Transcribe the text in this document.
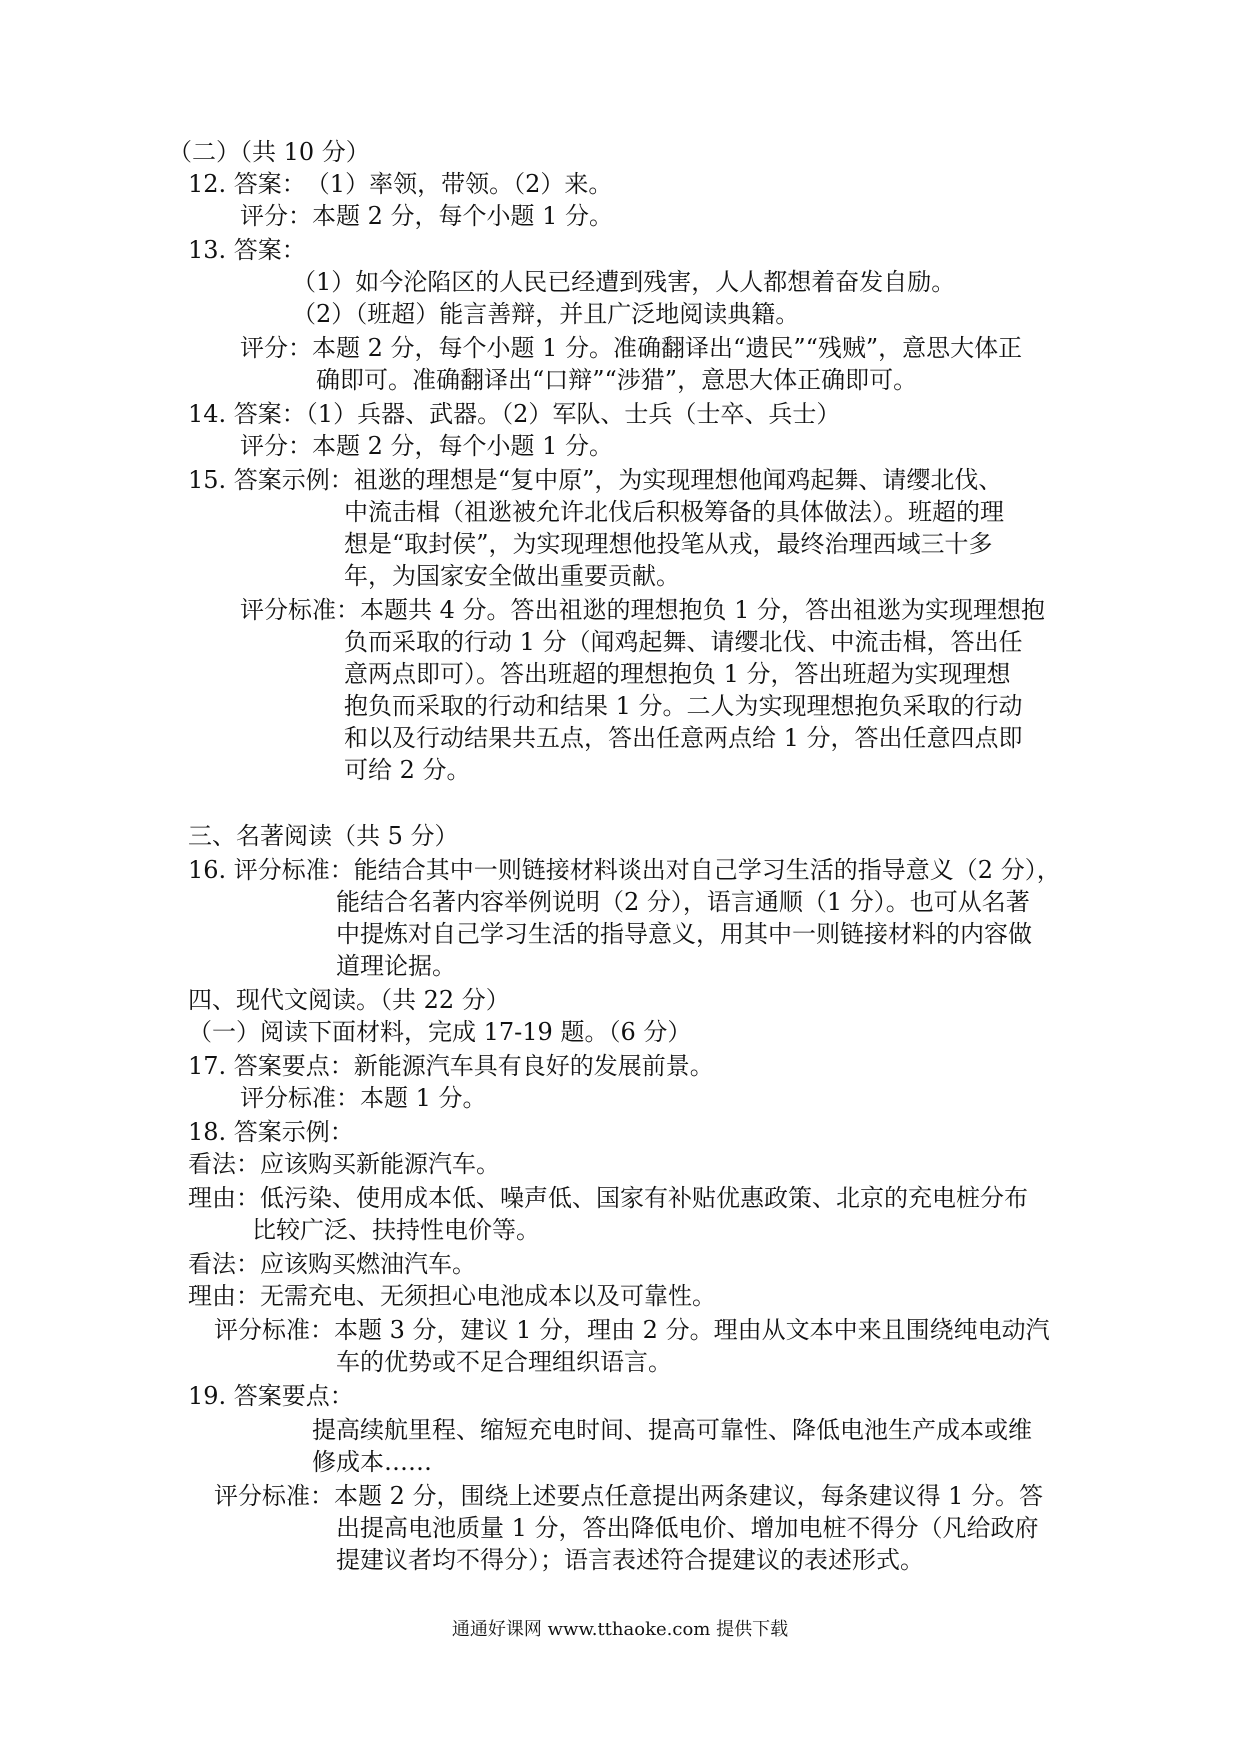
（二）（共 10 分）
12. 答案：　（1）率领，带领。（2）来。
评分：本题 2 分，每个小题 1 分。
13. 答案：
（1）如今沦陷区的人民已经遭到残害，人人都想着奋发自励。
（2）（班超）能言善辩，并且广泛地阅读典籍。
评分：本题 2 分，每个小题 1 分。准确翻译出“遗民”“残贼”，意思大体正
确即可。准确翻译出“口辩”“涉猎”，意思大体正确即可。
14. 答案：（1）兵器、武器。（2）军队、士兵（士卒、兵士）
评分：本题 2 分，每个小题 1 分。
15. 答案示例：祖逖的理想是“复中原”，为实现理想他闻鸡起舞、请缨北伐、
中流击楫（祖逖被允许北伐后积极筹备的具体做法）。班超的理
想是“取封侯”，为实现理想他投笔从戎，最终治理西域三十多
年，为国家安全做出重要贡献。
评分标准：本题共 4 分。答出祖逖的理想抱负 1 分，答出祖逖为实现理想抱
负而采取的行动 1 分（闻鸡起舞、请缨北伐、中流击楫，答出任
意两点即可）。答出班超的理想抱负 1 分，答出班超为实现理想
抱负而采取的行动和结果 1 分。二人为实现理想抱负采取的行动
和以及行动结果共五点，答出任意两点给 1 分，答出任意四点即
可给 2 分。
三、名著阅读（共 5 分）
16. 评分标准：能结合其中一则链接材料谈出对自己学习生活的指导意义（2 分），
能结合名著内容举例说明（2 分），语言通顺（1 分）。也可从名著
中提炼对自己学习生活的指导意义，用其中一则链接材料的内容做
道理论据。
四、现代文阅读。（共 22 分）
（一）阅读下面材料，完成 17-19 题。（6 分）
17. 答案要点：新能源汽车具有良好的发展前景。
评分标准：本题 1 分。
18. 答案示例：
看法：应该购买新能源汽车。
理由：低污染、使用成本低、噪声低、国家有补贴优惠政策、北京的充电桩分布
比较广泛、扶持性电价等。
看法：应该购买燃油汽车。
理由：无需充电、无须担心电池成本以及可靠性。
评分标准：本题 3 分，建议 1 分，理由 2 分。理由从文本中来且围绕纯电动汽
车的优势或不足合理组织语言。
19. 答案要点：
提高续航里程、缩短充电时间、提高可靠性、降低电池生产成本或维
修成本……
评分标准：本题 2 分，围绕上述要点任意提出两条建议，每条建议得 1 分。答
出提高电池质量 1 分，答出降低电价、增加电桩不得分（凡给政府
提建议者均不得分）；语言表述符合提建议的表述形式。
通通好课网 www.tthaoke.com 提供下载
